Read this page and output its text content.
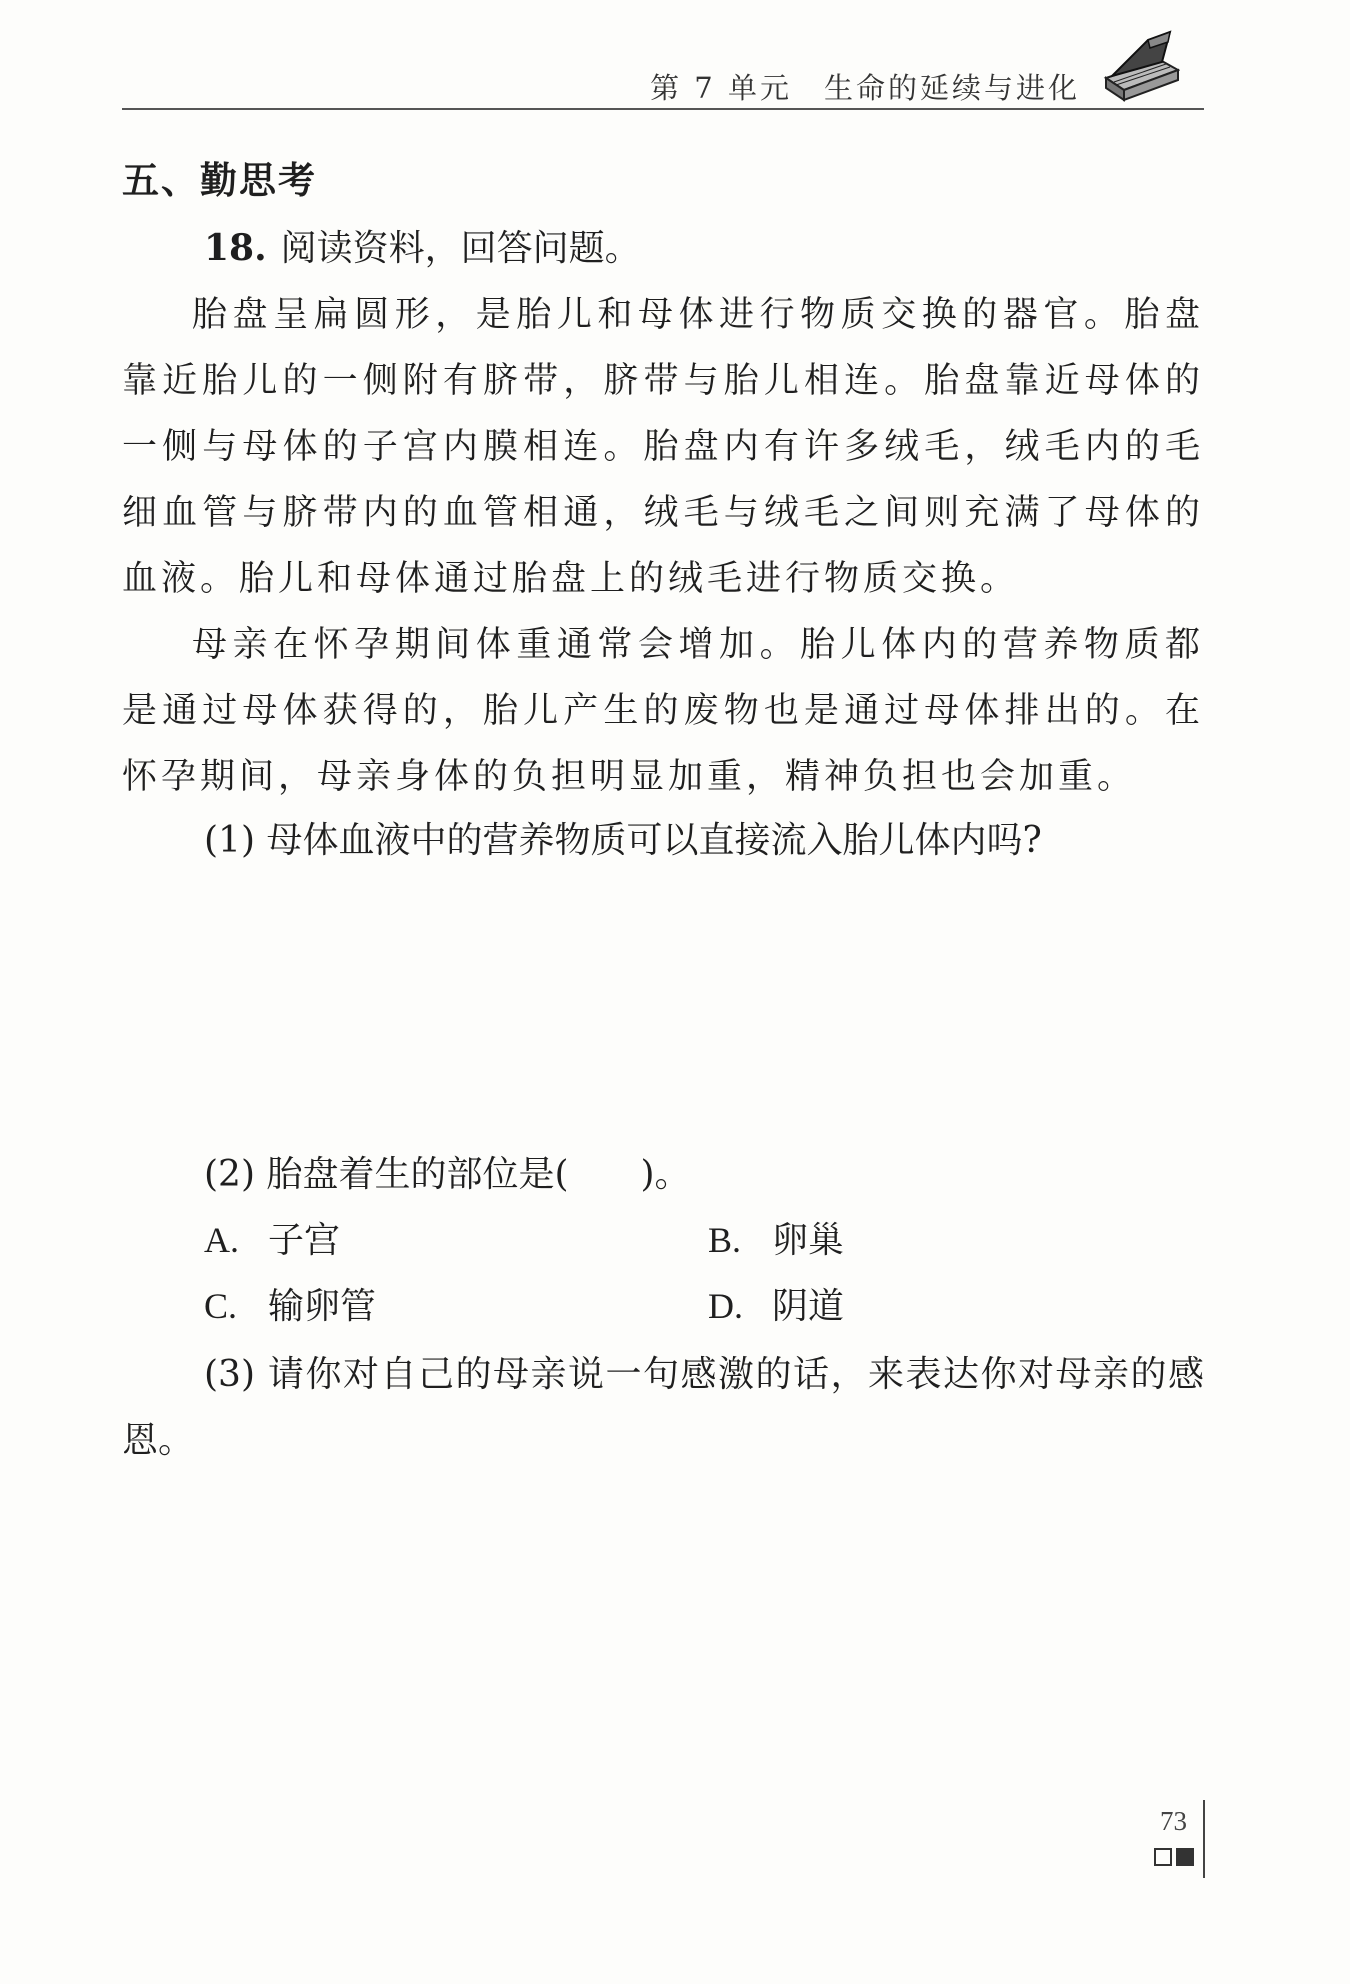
第 7 单元 生命的延续与进化
五、勤思考
18. 阅读资料，回答问题。

胎盘呈扁圆形，是胎儿和母体进行物质交换的器官。胎盘靠近胎儿的一侧附有脐带，脐带与胎儿相连。胎盘靠近母体的一侧与母体的子宫内膜相连。胎盘内有许多绒毛，绒毛内的毛细血管与脐带内的血管相通，绒毛与绒毛之间则充满了母体的血液。胎儿和母体通过胎盘上的绒毛进行物质交换。

母亲在怀孕期间体重通常会增加。胎儿体内的营养物质都是通过母体获得的，胎儿产生的废物也是通过母体排出的。在怀孕期间，母亲身体的负担明显加重，精神负担也会加重。

(1) 母体血液中的营养物质可以直接流入胎儿体内吗?
(2) 胎盘着生的部位是(　　)。
A. 子宫	B. 卵巢
C. 输卵管	D. 阴道
(3) 请你对自己的母亲说一句感激的话，来表达你对母亲的感恩。
73
